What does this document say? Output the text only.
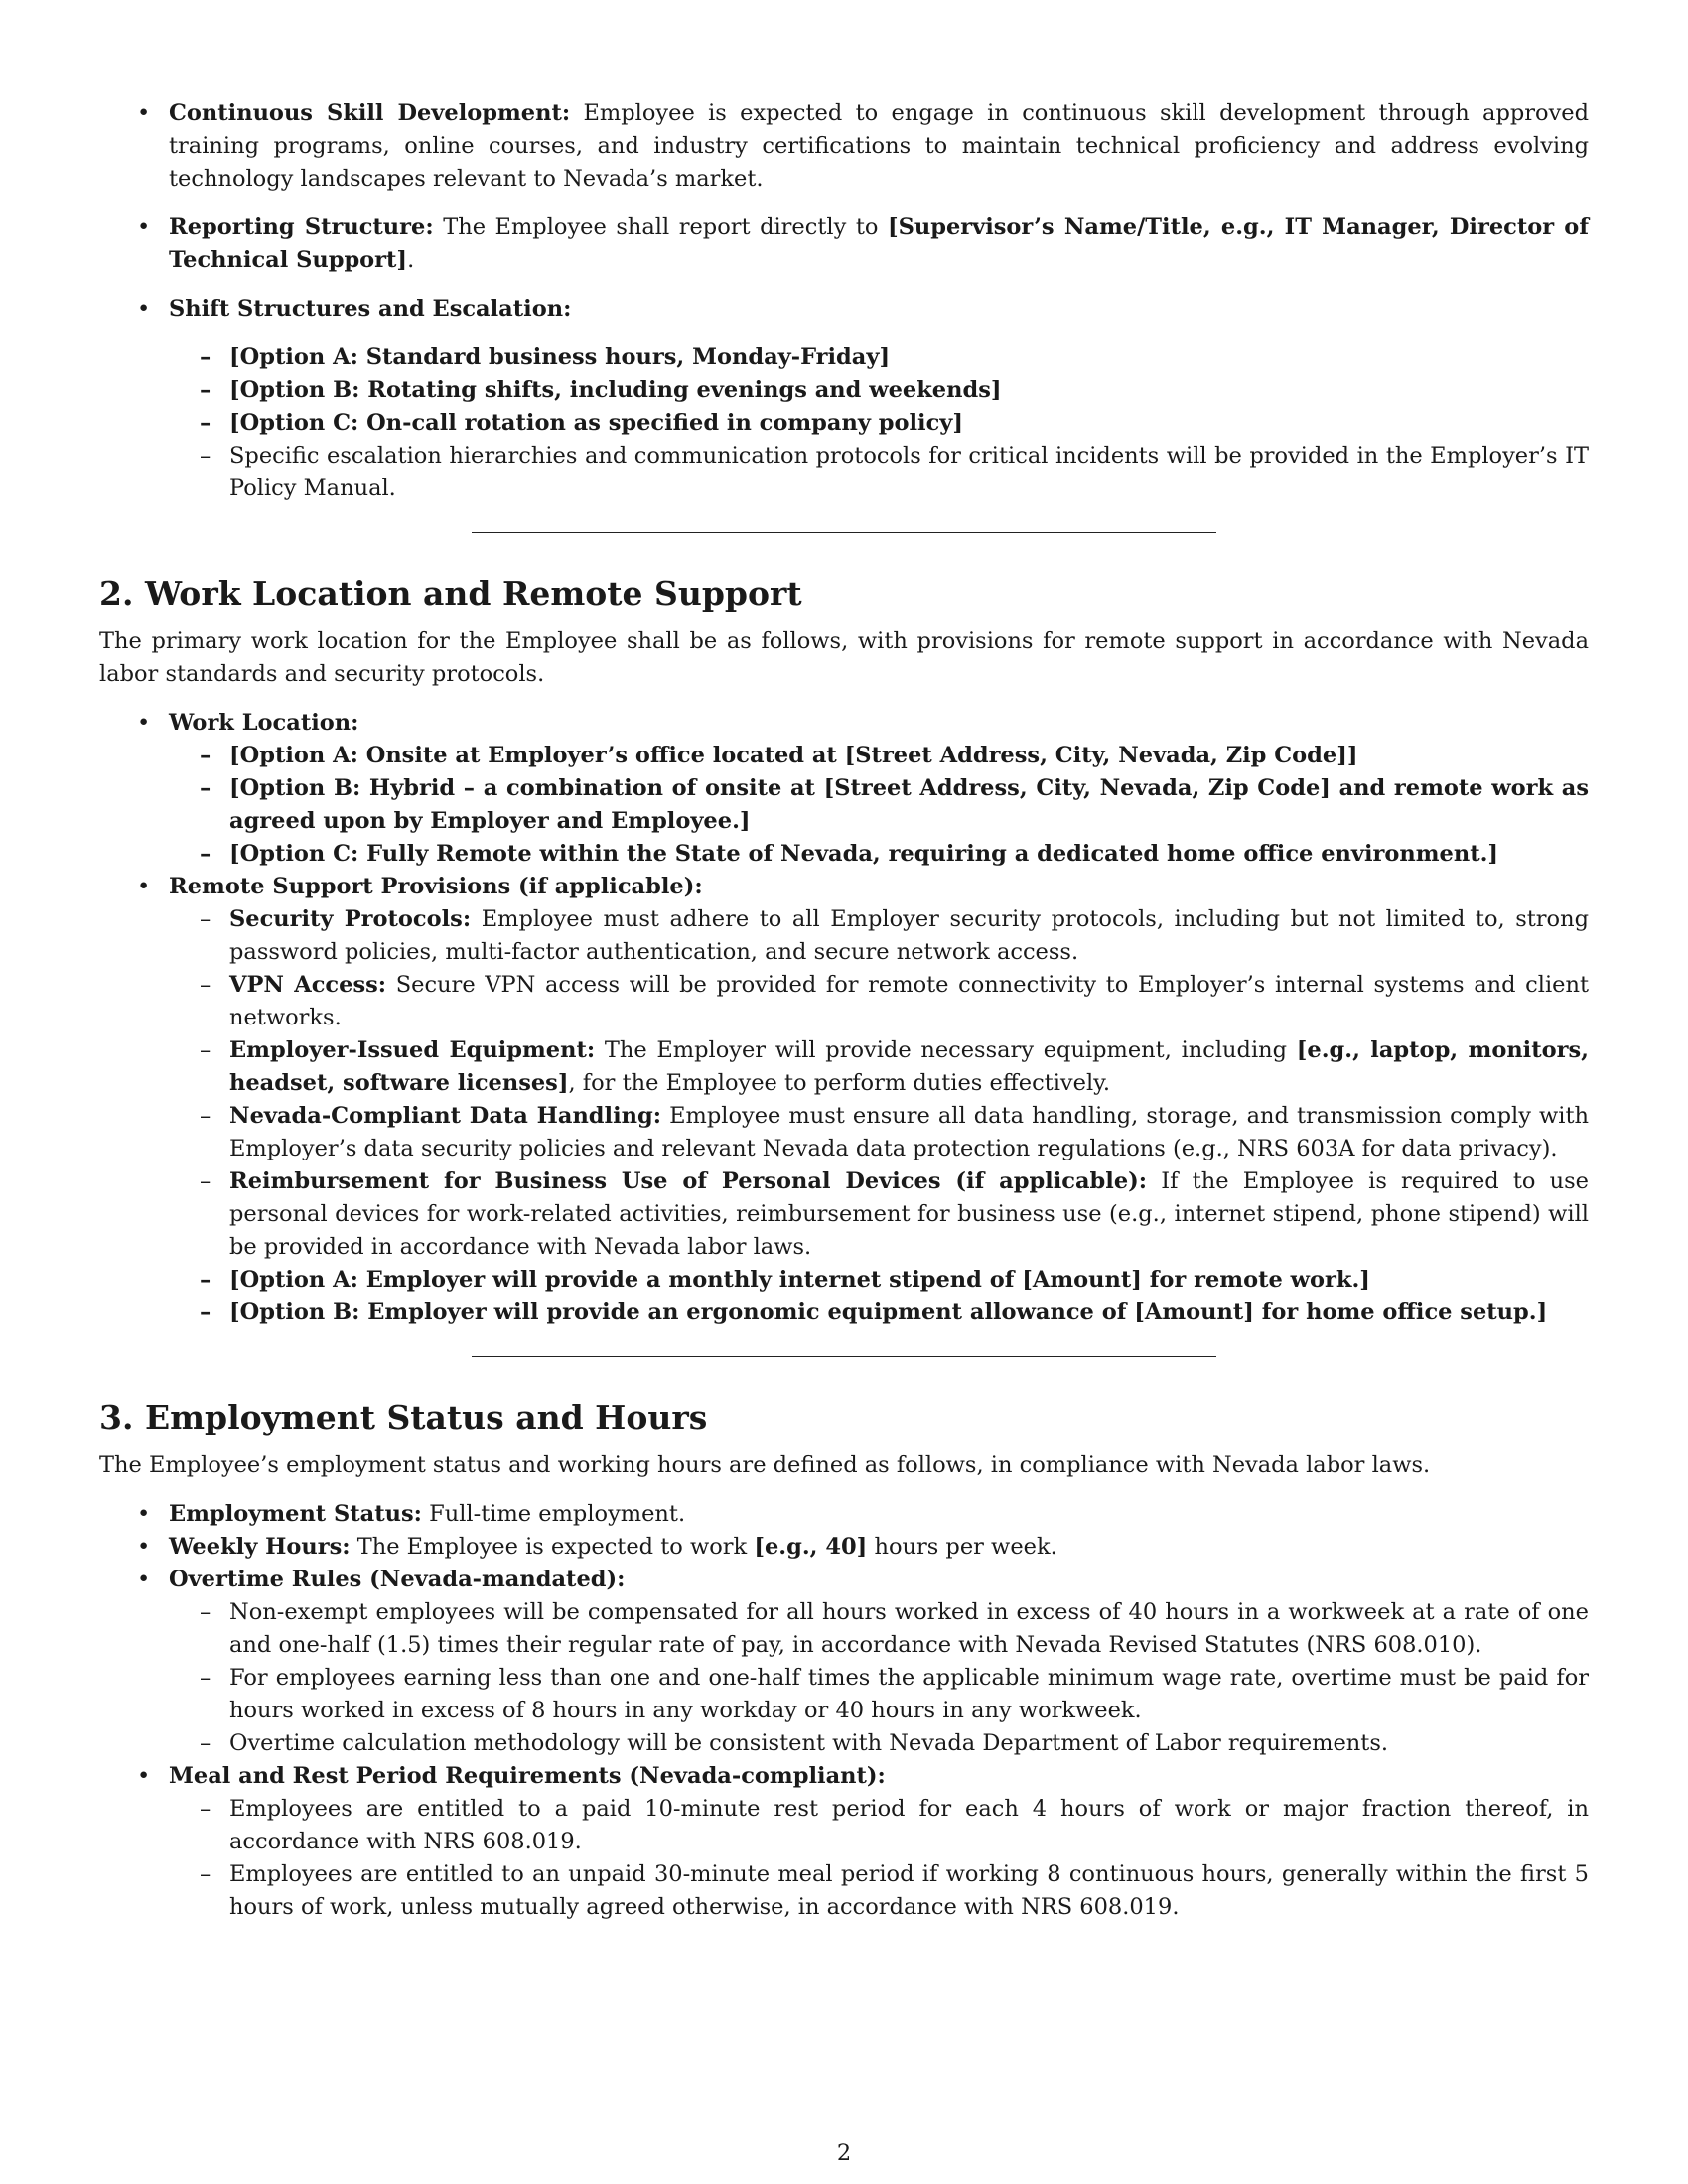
• Continuous Skill Development: Employee is expected to engage in continuous skill development through approved training programs, online courses, and industry certifications to maintain technical proficiency and address evolving technology landscapes relevant to Nevada’s market.
• Reporting Structure: The Employee shall report directly to [Supervisor’s Name/Title, e.g., IT Manager, Director of Technical Support].
• Shift Structures and Escalation:
– [Option A: Standard business hours, Monday-Friday]
– [Option B: Rotating shifts, including evenings and weekends]
– [Option C: On-call rotation as specified in company policy]
– Specific escalation hierarchies and communication protocols for critical incidents will be provided in the Employer’s IT Policy Manual.
2. Work Location and Remote Support

The primary work location for the Employee shall be as follows, with provisions for remote support in accordance with Nevada labor standards and security protocols.

• Work Location:
– [Option A: Onsite at Employer’s office located at [Street Address, City, Nevada, Zip Code]]
– [Option B: Hybrid – a combination of onsite at [Street Address, City, Nevada, Zip Code] and remote work as agreed upon by Employer and Employee.]
– [Option C: Fully Remote within the State of Nevada, requiring a dedicated home office environment.]
• Remote Support Provisions (if applicable):
– Security Protocols: Employee must adhere to all Employer security protocols, including but not limited to, strong password policies, multi-factor authentication, and secure network access.
– VPN Access: Secure VPN access will be provided for remote connectivity to Employer’s internal systems and client networks.
– Employer-Issued Equipment: The Employer will provide necessary equipment, including [e.g., laptop, monitors, headset, software licenses], for the Employee to perform duties effectively.
– Nevada-Compliant Data Handling: Employee must ensure all data handling, storage, and transmission comply with Employer’s data security policies and relevant Nevada data protection regulations (e.g., NRS 603A for data privacy).
– Reimbursement for Business Use of Personal Devices (if applicable): If the Employee is required to use personal devices for work-related activities, reimbursement for business use (e.g., internet stipend, phone stipend) will be provided in accordance with Nevada labor laws.
– [Option A: Employer will provide a monthly internet stipend of [Amount] for remote work.]
– [Option B: Employer will provide an ergonomic equipment allowance of [Amount] for home office setup.]
3. Employment Status and Hours

The Employee’s employment status and working hours are defined as follows, in compliance with Nevada labor laws.

• Employment Status: Full-time employment.
• Weekly Hours: The Employee is expected to work [e.g., 40] hours per week.
• Overtime Rules (Nevada-mandated):
– Non-exempt employees will be compensated for all hours worked in excess of 40 hours in a workweek at a rate of one and one-half (1.5) times their regular rate of pay, in accordance with Nevada Revised Statutes (NRS 608.010).
– For employees earning less than one and one-half times the applicable minimum wage rate, overtime must be paid for hours worked in excess of 8 hours in any workday or 40 hours in any workweek.
– Overtime calculation methodology will be consistent with Nevada Department of Labor requirements.
• Meal and Rest Period Requirements (Nevada-compliant):
– Employees are entitled to a paid 10-minute rest period for each 4 hours of work or major fraction thereof, in accordance with NRS 608.019.
– Employees are entitled to an unpaid 30-minute meal period if working 8 continuous hours, generally within the first 5 hours of work, unless mutually agreed otherwise, in accordance with NRS 608.019.
2
